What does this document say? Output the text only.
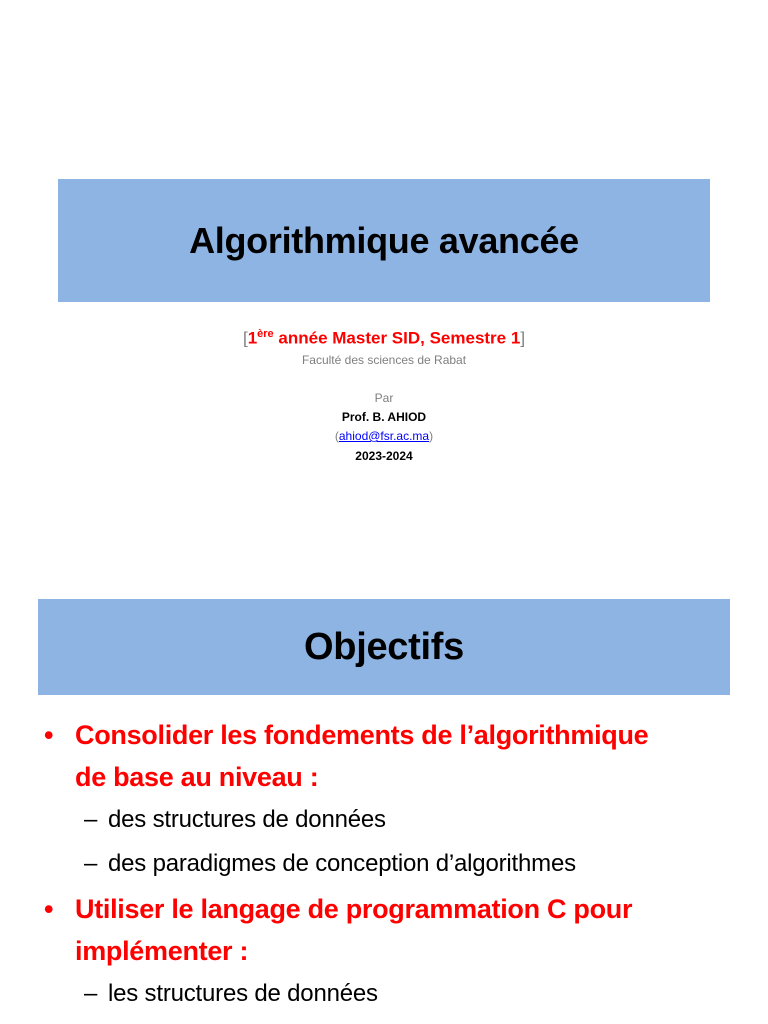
Algorithmique avancée
[1ère année Master SID, Semestre 1]
Faculté des sciences de Rabat
Par
Prof. B. AHIOD
(ahiod@fsr.ac.ma)
2023-2024
Objectifs
• Consolider les fondements de l’algorithmique
de base au niveau :
– des structures de données
– des paradigmes de conception d’algorithmes
• Utiliser le langage de programmation C pour
implémenter :
– les structures de données
